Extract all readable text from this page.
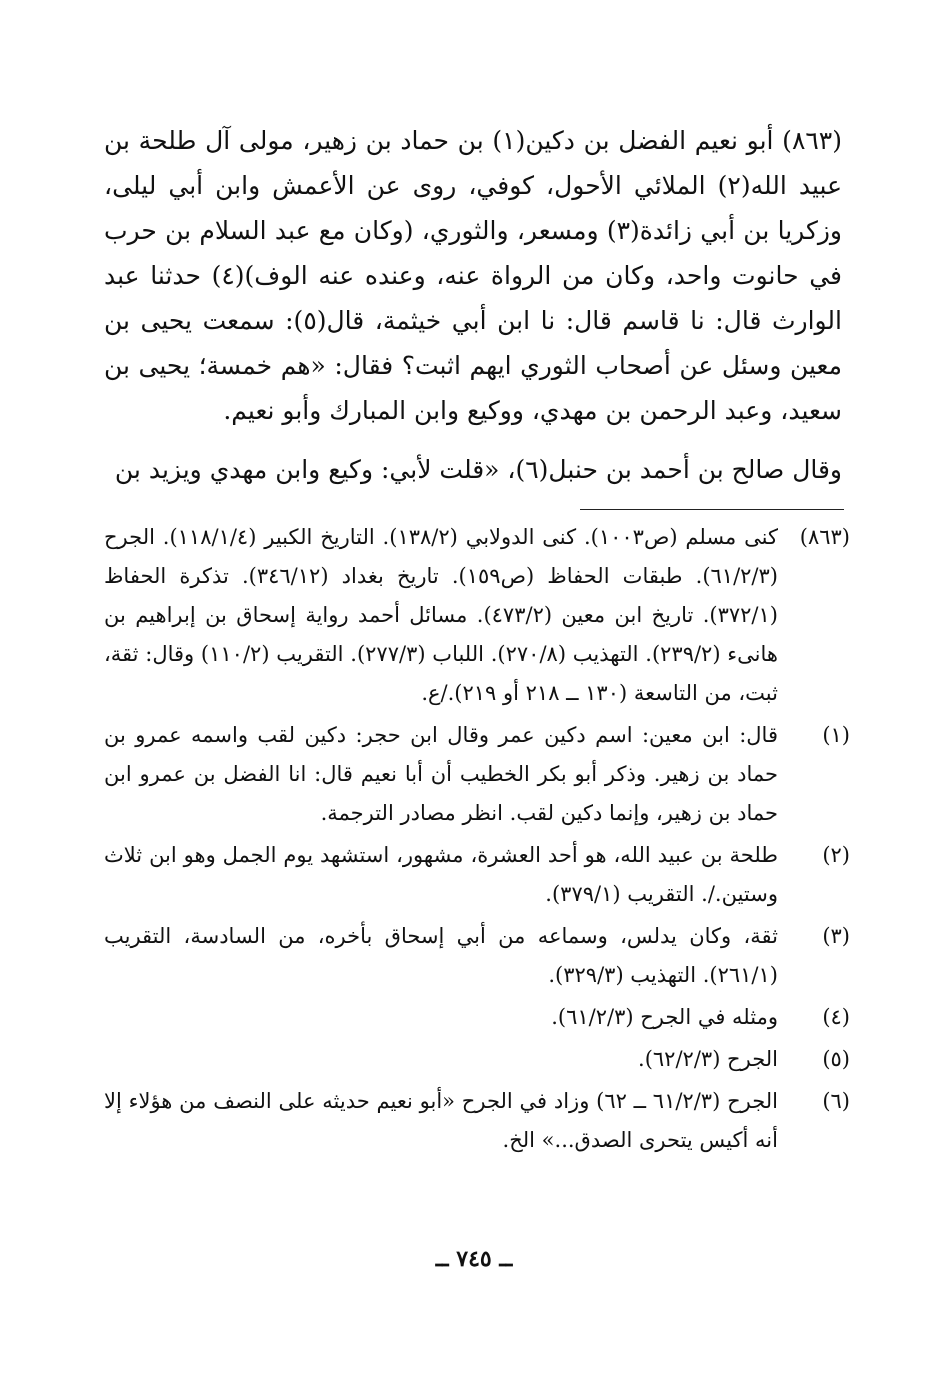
(٨٦٣) أبو نعيم الفضل بن دكين(١) بن حماد بن زهير، مولى آل طلحة بن عبيد الله(٢) الملائي الأحول، كوفي، روى عن الأعمش وابن أبي ليلى، وزكريا بن أبي زائدة(٣) ومسعر، والثوري، (وكان مع عبد السلام بن حرب في حانوت واحد، وكان من الرواة عنه، وعنده عنه الوف)(٤) حدثنا عبد الوارث قال: نا قاسم قال: نا ابن أبي خيثمة، قال(٥): سمعت يحيى بن معين وسئل عن أصحاب الثوري ايهم اثبت؟ فقال: «هم خمسة؛ يحيى بن سعيد، وعبد الرحمن بن مهدي، ووكيع وابن المبارك وأبو نعيم.

وقال صالح بن أحمد بن حنبل(٦)، «قلت لأبي: وكيع وابن مهدي ويزيد بن

(٨٦٣)
كنى مسلم (ص١٠٠٣). كنى الدولابي (١٣٨/٢). التاريخ الكبير (١١٨/١/٤). الجرح (٦١/٢/٣). طبقات الحفاظ (ص١٥٩). تاريخ بغداد (٣٤٦/١٢). تذكرة الحفاظ (٣٧٢/١). تاريخ ابن معين (٤٧٣/٢). مسائل أحمد رواية إسحاق بن إبراهيم بن هانىء (٢٣٩/٢). التهذيب (٢٧٠/٨). اللباب (٢٧٧/٣). التقريب (١١٠/٢) وقال: ثقة، ثبت، من التاسعة (١٣٠ ــ ٢١٨ أو ٢١٩)./ع.
(١)
قال: ابن معين: اسم دكين عمر وقال ابن حجر: دكين لقب واسمه عمرو بن حماد بن زهير. وذكر أبو بكر الخطيب أن أبا نعيم قال: انا الفضل بن عمرو ابن حماد بن زهير، وإنما دكين لقب. انظر مصادر الترجمة.
(٢)
طلحة بن عبيد الله، هو أحد العشرة، مشهور، استشهد يوم الجمل وهو ابن ثلاث وستين./. التقريب (٣٧٩/١).
(٣)
ثقة، وكان يدلس، وسماعه من أبي إسحاق بأخره، من السادسة، التقريب (٢٦١/١). التهذيب (٣٢٩/٣).
(٤)
ومثله في الجرح (٦١/٢/٣).
(٥)
الجرح (٦٢/٢/٣).
(٦)
الجرح (٦١/٢/٣ ــ ٦٢) وزاد في الجرح «أبو نعيم حديثه على النصف من هؤلاء إلا أنه أكيس يتحرى الصدق...» الخ.
ــ ٧٤٥ ــ
